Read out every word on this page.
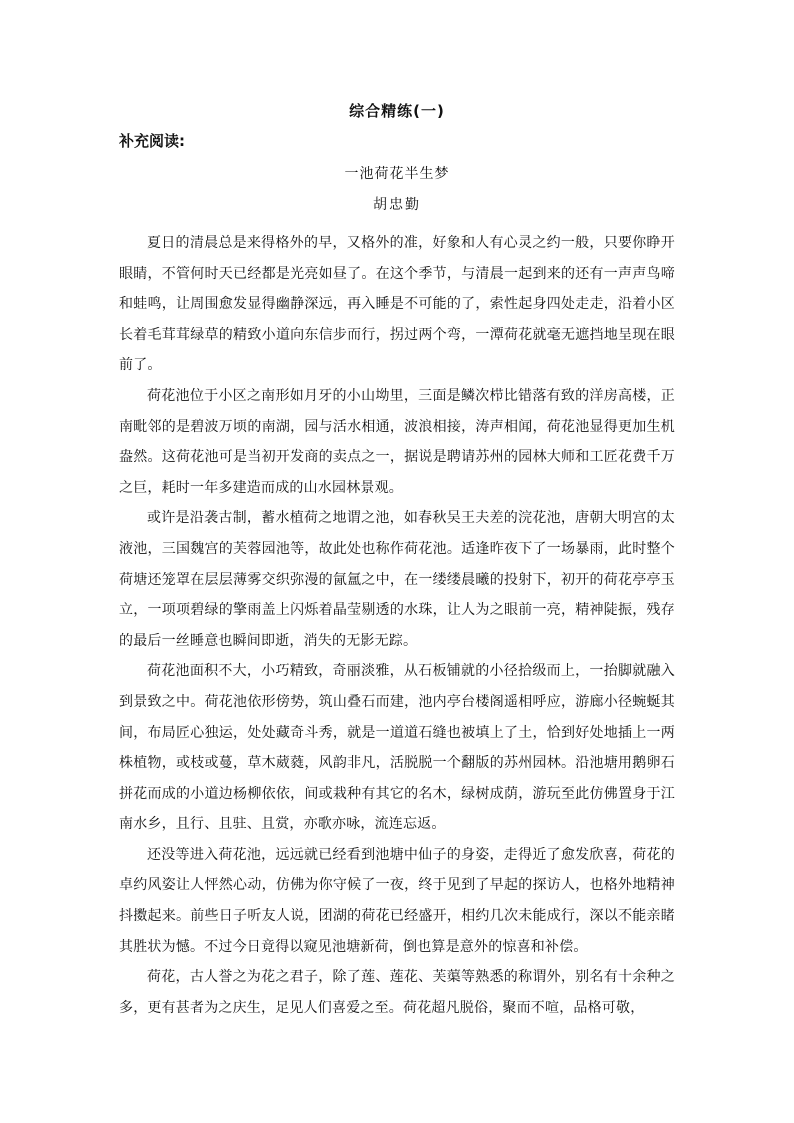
综合精练(一)
补充阅读:
一池荷花半生梦
胡忠勤

夏日的清晨总是来得格外的早，又格外的准，好象和人有心灵之约一般，只要你睁开眼睛，不管何时天已经都是光亮如昼了。在这个季节，与清晨一起到来的还有一声声鸟啼和蛙鸣，让周围愈发显得幽静深远，再入睡是不可能的了，索性起身四处走走，沿着小区长着毛茸茸绿草的精致小道向东信步而行，拐过两个弯，一潭荷花就毫无遮挡地呈现在眼前了。

荷花池位于小区之南形如月牙的小山坳里，三面是鳞次栉比错落有致的洋房高楼，正南毗邻的是碧波万顷的南湖，园与活水相通，波浪相接，涛声相闻，荷花池显得更加生机盎然。这荷花池可是当初开发商的卖点之一，据说是聘请苏州的园林大师和工匠花费千万之巨，耗时一年多建造而成的山水园林景观。

或许是沿袭古制，蓄水植荷之地谓之池，如春秋吴王夫差的浣花池，唐朝大明宫的太液池，三国魏宫的芙蓉园池等，故此处也称作荷花池。适逢昨夜下了一场暴雨，此时整个荷塘还笼罩在层层薄雾交织弥漫的氤氲之中，在一缕缕晨曦的投射下，初开的荷花亭亭玉立，一项项碧绿的擎雨盖上闪烁着晶莹剔透的水珠，让人为之眼前一亮，精神陡振，残存的最后一丝睡意也瞬间即逝，消失的无影无踪。

荷花池面积不大，小巧精致，奇丽淡雅，从石板铺就的小径拾级而上，一抬脚就融入到景致之中。荷花池依形傍势，筑山叠石而建，池内亭台楼阁遥相呼应，游廊小径蜿蜒其间，布局匠心独运，处处藏奇斗秀，就是一道道石缝也被填上了土，恰到好处地插上一两株植物，或枝或蔓，草木葳蕤，风韵非凡，活脱脱一个翻版的苏州园林。沿池塘用鹅卵石拼花而成的小道边杨柳依依，间或栽种有其它的名木，绿树成荫，游玩至此仿佛置身于江南水乡，且行、且驻、且赏，亦歌亦咏，流连忘返。

还没等进入荷花池，远远就已经看到池塘中仙子的身姿，走得近了愈发欣喜，荷花的卓约风姿让人怦然心动，仿佛为你守候了一夜，终于见到了早起的探访人，也格外地精神抖擞起来。前些日子听友人说，团湖的荷花已经盛开，相约几次未能成行，深以不能亲睹其胜状为憾。不过今日竟得以窥见池塘新荷，倒也算是意外的惊喜和补偿。

荷花，古人誉之为花之君子，除了莲、莲花、芙蕖等熟悉的称谓外，别名有十余种之多，更有甚者为之庆生，足见人们喜爱之至。荷花超凡脱俗，聚而不喧，品格可敬，
